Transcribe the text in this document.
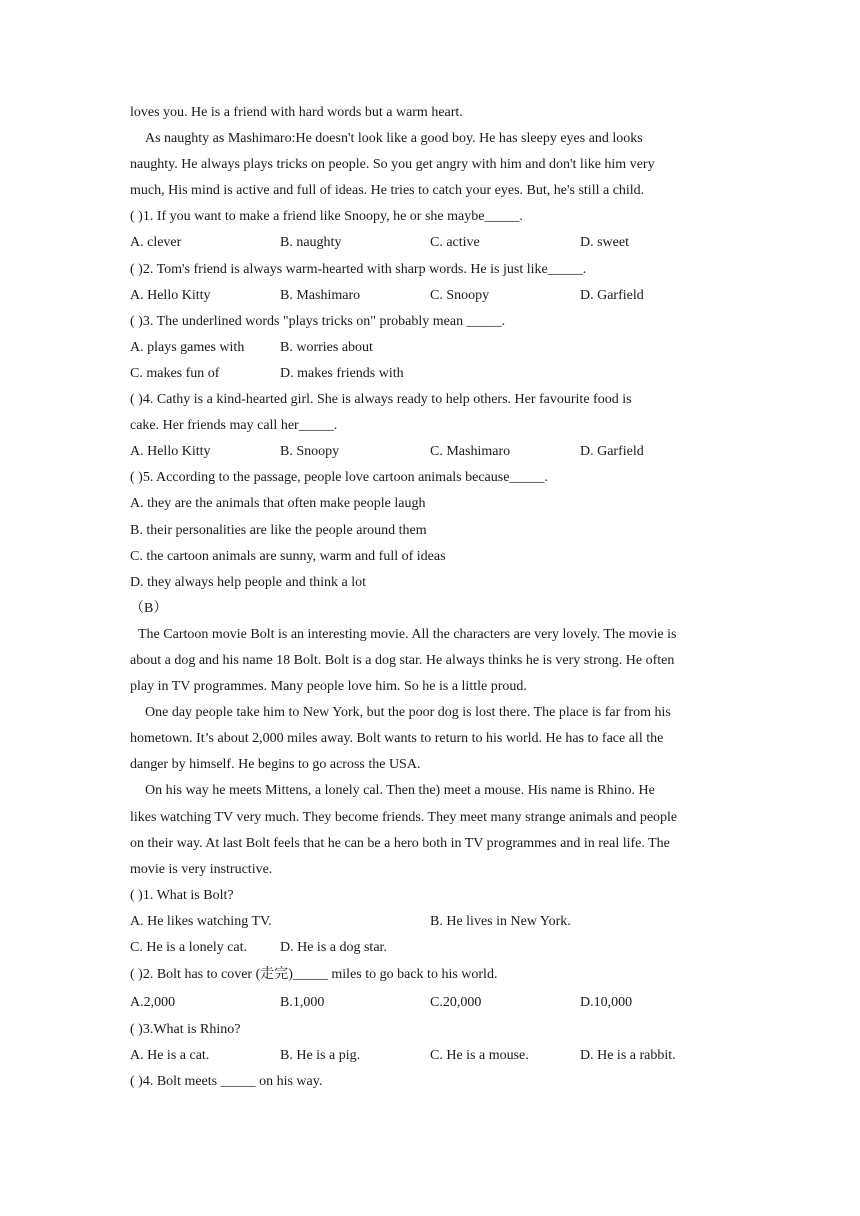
loves you. He is a friend with hard words but a warm heart.
As naughty as Mashimaro:He doesn't look like a good boy. He has sleepy eyes and looks
naughty. He always plays tricks on people. So you get angry with him and don't like him very
much, His mind is active and full of ideas. He tries to catch your eyes. But, he's still a child.
( )1. If you want to make a friend like Snoopy, he or she maybe_____.
A. clever	B. naughty	C. active	D. sweet
( )2. Tom's friend is always warm-hearted with sharp words. He is just like_____.
A. Hello Kitty	B. Mashimaro	C. Snoopy	D. Garfield
( )3. The underlined words "plays tricks on" probably mean _____.
A. plays games with	B. worries about
C. makes fun of	D. makes friends with
( )4. Cathy is a kind-hearted girl. She is always ready to help others. Her favourite food is
cake. Her friends may call her_____.
A. Hello Kitty	B. Snoopy	C. Mashimaro	D. Garfield
( )5. According to the passage, people love cartoon animals because_____.
A. they are the animals that often make people laugh
B. their personalities are like the people around them
C. the cartoon animals are sunny, warm and full of ideas
D. they always help people and think a lot
（B）
The Cartoon movie Bolt is an interesting movie. All the characters are very lovely. The movie is
about a dog and his name 18 Bolt. Bolt is a dog star. He always thinks he is very strong. He often
play in TV programmes. Many people love him. So he is a little proud.
One day people take him to New York, but the poor dog is lost there. The place is far from his
hometown. It’s about 2,000 miles away. Bolt wants to return to his world. He has to face all the
danger by himself. He begins to go across the USA.
On his way he meets Mittens, a lonely cal. Then the) meet a mouse. His name is Rhino. He
likes watching TV very much. They become friends. They meet many strange animals and people
on their way. At last Bolt feels that he can be a hero both in TV programmes and in real life. The
movie is very instructive.
( )1. What is Bolt?
A. He likes watching TV.	B. He lives in New York.
C. He is a lonely cat. D. He is a dog star.
( )2. Bolt has to cover (走完)_____ miles to go back to his world.
A.2,000	B.1,000	C.20,000	D.10,000
( )3.What is Rhino?
A. He is a cat.	B. He is a pig.	C. He is a mouse.	D. He is a rabbit.
( )4. Bolt meets _____ on his way.
